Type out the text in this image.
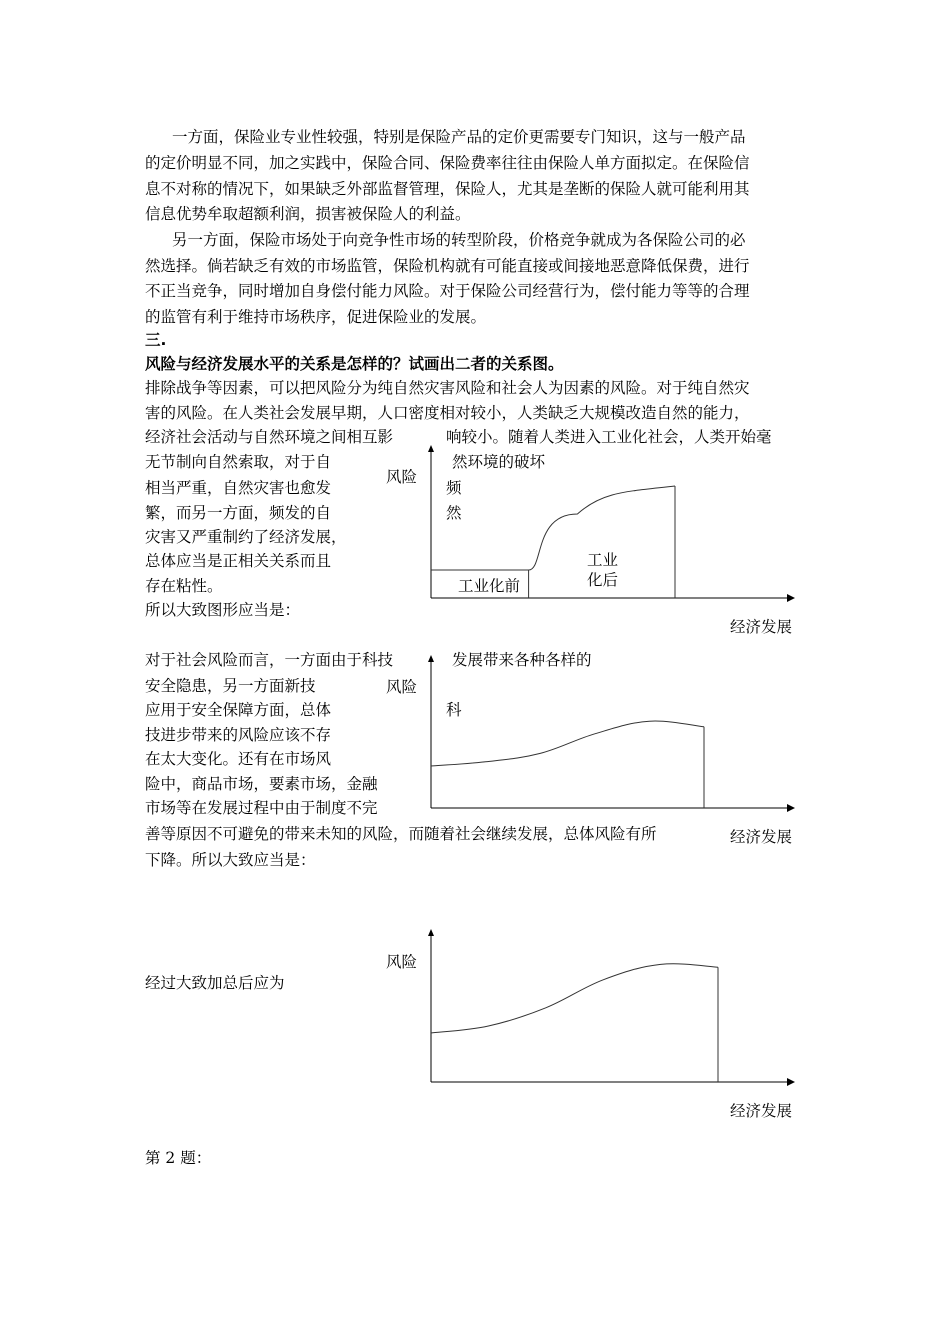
一方面，保险业专业性较强，特别是保险产品的定价更需要专门知识，这与一般产品
的定价明显不同，加之实践中，保险合同、保险费率往往由保险人单方面拟定。在保险信
息不对称的情况下，如果缺乏外部监督管理，保险人，尤其是垄断的保险人就可能利用其
信息优势牟取超额利润，损害被保险人的利益。
另一方面，保险市场处于向竞争性市场的转型阶段，价格竞争就成为各保险公司的必
然选择。倘若缺乏有效的市场监管，保险机构就有可能直接或间接地恶意降低保费，进行
不正当竞争，同时增加自身偿付能力风险。对于保险公司经营行为，偿付能力等等的合理
的监管有利于维持市场秩序，促进保险业的发展。
三.
风险与经济发展水平的关系是怎样的？试画出二者的关系图。
排除战争等因素，可以把风险分为纯自然灾害风险和社会人为因素的风险。对于纯自然灾
害的风险。在人类社会发展早期，人口密度相对较小，人类缺乏大规模改造自然的能力，
经济社会活动与自然环境之间相互影	响较小。随着人类进入工业化社会，人类开始毫
无节制向自然索取，对于自
相当严重，自然灾害也愈发
繁，而另一方面，频发的自
灾害又严重制约了经济发展，
总体应当是正相关关系而且
存在粘性。
所以大致图形应当是：
然环境的破坏
频
然
风险
工业化前
工业化后
经济发展
对于社会风险而言，一方面由于科技
安全隐患，另一方面新技
应用于安全保障方面，总体
技进步带来的风险应该不存
在太大变化。还有在市场风
险中，商品市场，要素市场，金融
市场等在发展过程中由于制度不完
发展带来各种各样的
科
风险
经济发展
善等原因不可避免的带来未知的风险，而随着社会继续发展，总体风险有所
下降。所以大致应当是：
风险
经过大致加总后应为
经济发展
第 2 题：
